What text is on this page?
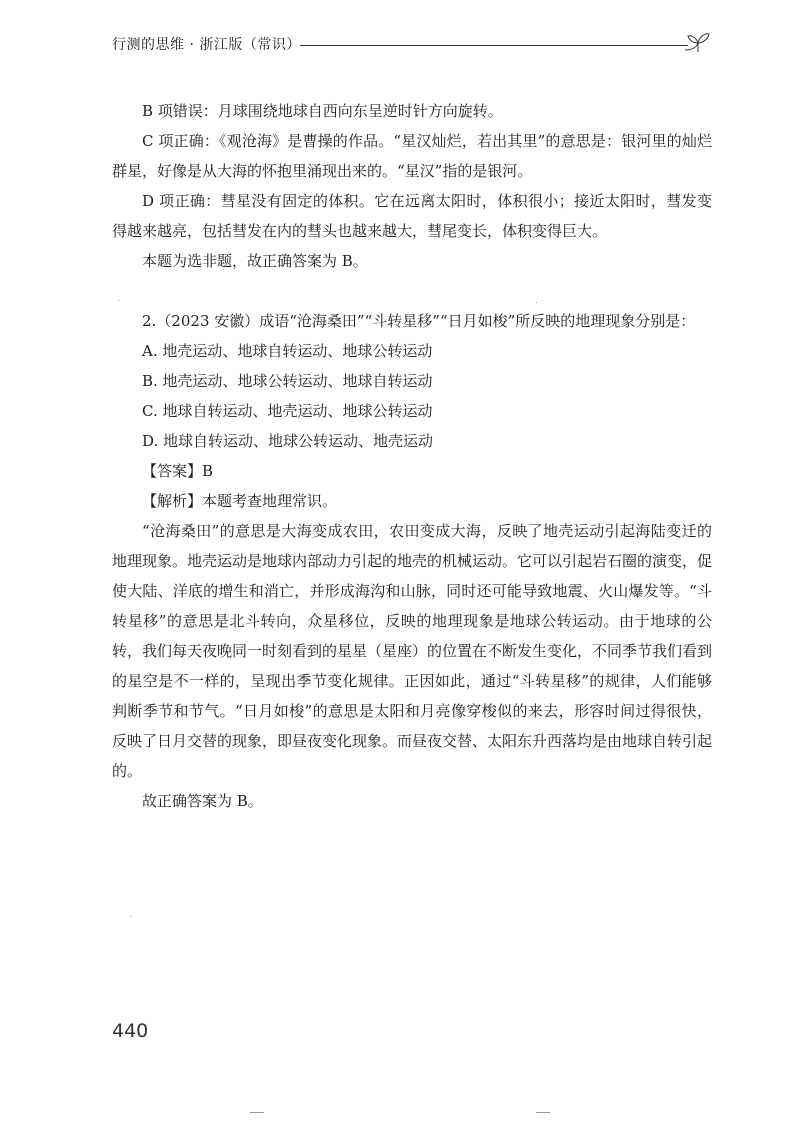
行测的思维 · 浙江版（常识）

B 项错误：月球围绕地球自西向东呈逆时针方向旋转。

C 项正确：《观沧海》是曹操的作品。“星汉灿烂，若出其里”的意思是：银河里的灿烂群星，好像是从大海的怀抱里涌现出来的。“星汉”指的是银河。

D 项正确：彗星没有固定的体积。它在远离太阳时，体积很小；接近太阳时，彗发变得越来越亮，包括彗发在内的彗头也越来越大，彗尾变长，体积变得巨大。

本题为选非题，故正确答案为 B。

2.（2023 安徽）成语“沧海桑田”“斗转星移”“日月如梭”所反映的地理现象分别是：

A. 地壳运动、地球自转运动、地球公转运动

B. 地壳运动、地球公转运动、地球自转运动

C. 地球自转运动、地壳运动、地球公转运动

D. 地球自转运动、地球公转运动、地壳运动

【答案】B

【解析】本题考查地理常识。

“沧海桑田”的意思是大海变成农田，农田变成大海，反映了地壳运动引起海陆变迁的地理现象。地壳运动是地球内部动力引起的地壳的机械运动。它可以引起岩石圈的演变，促使大陆、洋底的增生和消亡，并形成海沟和山脉，同时还可能导致地震、火山爆发等。“斗转星移”的意思是北斗转向，众星移位，反映的地理现象是地球公转运动。由于地球的公转，我们每天夜晚同一时刻看到的星星（星座）的位置在不断发生变化，不同季节我们看到的星空是不一样的，呈现出季节变化规律。正因如此，通过“斗转星移”的规律，人们能够判断季节和节气。“日月如梭”的意思是太阳和月亮像穿梭似的来去，形容时间过得很快，反映了日月交替的现象，即昼夜变化现象。而昼夜交替、太阳东升西落均是由地球自转引起的。

故正确答案为 B。

440
